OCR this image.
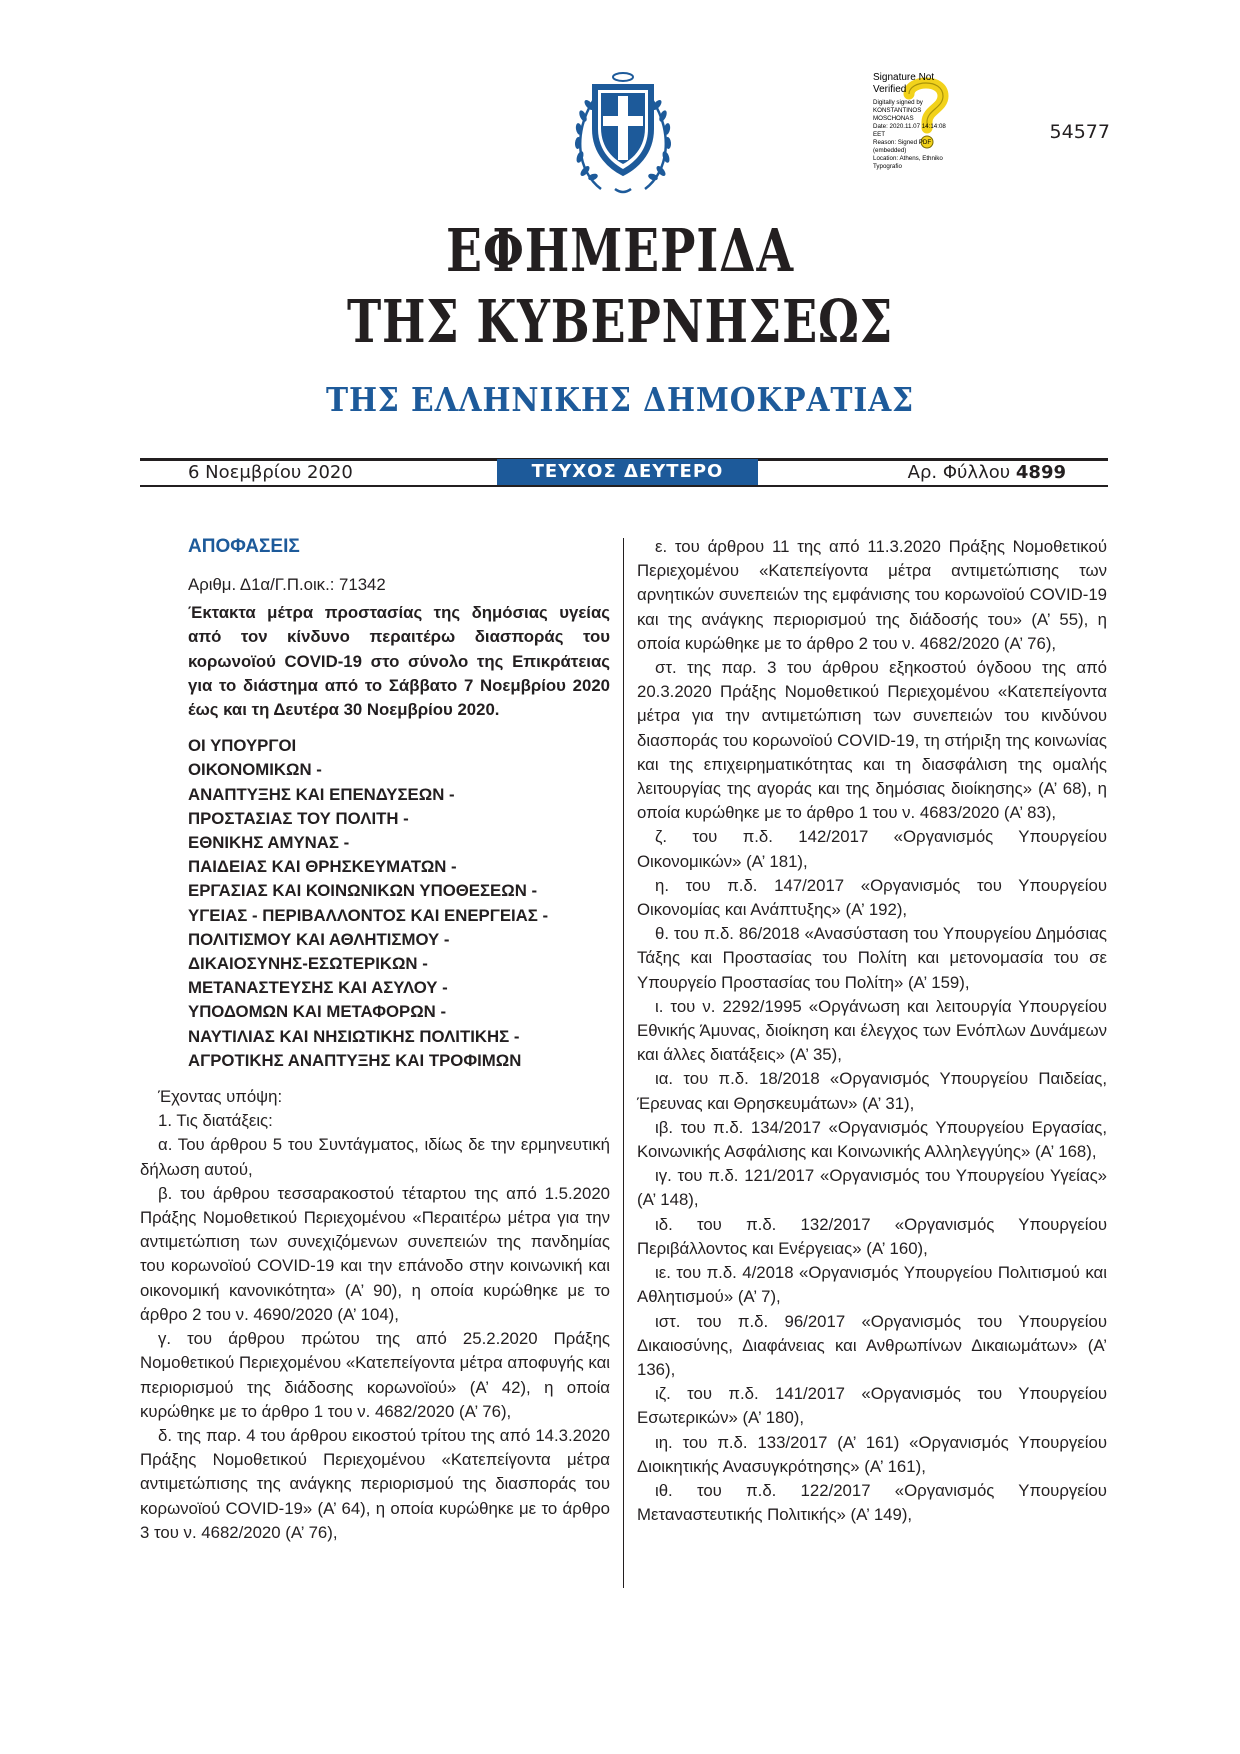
Signature Not Verified
Digitally signed by
KONSTANTINOS
MOSCHONAS
Date: 2020.11.07 14:14:08
EET
Reason: Signed PDF
(embedded)
Location: Athens, Ethniko
Typografio
54577
ΕΦΗΜΕΡΙΔΑ
ΤΗΣ ΚΥΒΕΡΝΗΣΕΩΣ
ΤΗΣ ΕΛΛΗΝΙΚΗΣ ΔΗΜΟΚΡΑΤΙΑΣ
6 Νοεμβρίου 2020	ΤΕΥΧΟΣ ΔΕΥΤΕΡΟ	Αρ. Φύλλου 4899
ΑΠΟΦΑΣΕΙΣ
Αριθμ. Δ1α/Γ.Π.οικ.: 71342
Έκτακτα μέτρα προστασίας της δημόσιας υγείας από τον κίνδυνο περαιτέρω διασποράς του κορωνοϊού COVID-19 στο σύνολο της Επικράτειας για το διάστημα από το Σάββατο 7 Νοεμβρίου 2020 έως και τη Δευτέρα 30 Νοεμβρίου 2020.
ΟΙ ΥΠΟΥΡΓΟΙ
ΟΙΚΟΝΟΜΙΚΩΝ -
ΑΝΑΠΤΥΞΗΣ ΚΑΙ ΕΠΕΝΔΥΣΕΩΝ -
ΠΡΟΣΤΑΣΙΑΣ ΤΟΥ ΠΟΛΙΤΗ -
ΕΘΝΙΚΗΣ ΑΜΥΝΑΣ -
ΠΑΙΔΕΙΑΣ ΚΑΙ ΘΡΗΣΚΕΥΜΑΤΩΝ -
ΕΡΓΑΣΙΑΣ ΚΑΙ ΚΟΙΝΩΝΙΚΩΝ ΥΠΟΘΕΣΕΩΝ -
ΥΓΕΙΑΣ - ΠΕΡΙΒΑΛΛΟΝΤΟΣ ΚΑΙ ΕΝΕΡΓΕΙΑΣ -
ΠΟΛΙΤΙΣΜΟΥ ΚΑΙ ΑΘΛΗΤΙΣΜΟΥ -
ΔΙΚΑΙΟΣΥΝΗΣ-ΕΣΩΤΕΡΙΚΩΝ -
ΜΕΤΑΝΑΣΤΕΥΣΗΣ ΚΑΙ ΑΣΥΛΟΥ -
ΥΠΟΔΟΜΩΝ ΚΑΙ ΜΕΤΑΦΟΡΩΝ -
ΝΑΥΤΙΛΙΑΣ ΚΑΙ ΝΗΣΙΩΤΙΚΗΣ ΠΟΛΙΤΙΚΗΣ -
ΑΓΡΟΤΙΚΗΣ ΑΝΑΠΤΥΞΗΣ ΚΑΙ ΤΡΟΦΙΜΩΝ

Έχοντας υπόψη:

1. Τις διατάξεις:

α. Του άρθρου 5 του Συντάγματος, ιδίως δε την ερμηνευτική δήλωση αυτού,

β. του άρθρου τεσσαρακοστού τέταρτου της από 1.5.2020 Πράξης Νομοθετικού Περιεχομένου «Περαιτέρω μέτρα για την αντιμετώπιση των συνεχιζόμενων συνεπειών της πανδημίας του κορωνοϊού COVID-19 και την επάνοδο στην κοινωνική και οικονομική κανονικότητα» (Α’ 90), η οποία κυρώθηκε με το άρθρο 2 του ν. 4690/2020 (Α’ 104),

γ. του άρθρου πρώτου της από 25.2.2020 Πράξης Νομοθετικού Περιεχομένου «Κατεπείγοντα μέτρα αποφυγής και περιορισμού της διάδοσης κορωνοϊού» (Α’ 42), η οποία κυρώθηκε με το άρθρο 1 του ν. 4682/2020 (Α’ 76),

δ. της παρ. 4 του άρθρου εικοστού τρίτου της από 14.3.2020 Πράξης Νομοθετικού Περιεχομένου «Κατεπείγοντα μέτρα αντιμετώπισης της ανάγκης περιορισμού της διασποράς του κορωνοϊού COVID-19» (Α’ 64), η οποία κυρώθηκε με το άρθρο 3 του ν. 4682/2020 (Α’ 76),

ε. του άρθρου 11 της από 11.3.2020 Πράξης Νομοθετικού Περιεχομένου «Κατεπείγοντα μέτρα αντιμετώπισης των αρνητικών συνεπειών της εμφάνισης του κορωνοϊού COVID-19 και της ανάγκης περιορισμού της διάδοσής του» (Α’ 55), η οποία κυρώθηκε με το άρθρο 2 του ν. 4682/2020 (Α’ 76),

στ. της παρ. 3 του άρθρου εξηκοστού όγδοου της από 20.3.2020 Πράξης Νομοθετικού Περιεχομένου «Κατεπείγοντα μέτρα για την αντιμετώπιση των συνεπειών του κινδύνου διασποράς του κορωνοϊού COVID-19, τη στήριξη της κοινωνίας και της επιχειρηματικότητας και τη διασφάλιση της ομαλής λειτουργίας της αγοράς και της δημόσιας διοίκησης» (Α’ 68), η οποία κυρώθηκε με το άρθρο 1 του ν. 4683/2020 (Α’ 83),

ζ. του π.δ. 142/2017 «Οργανισμός Υπουργείου Οικονομικών» (Α’ 181),

η. του π.δ. 147/2017 «Οργανισμός του Υπουργείου Οικονομίας και Ανάπτυξης» (Α’ 192),

θ. του π.δ. 86/2018 «Ανασύσταση του Υπουργείου Δημόσιας Τάξης και Προστασίας του Πολίτη και μετονομασία του σε Υπουργείο Προστασίας του Πολίτη» (Α’ 159),

ι. του ν. 2292/1995 «Οργάνωση και λειτουργία Υπουργείου Εθνικής Άμυνας, διοίκηση και έλεγχος των Ενόπλων Δυνάμεων και άλλες διατάξεις» (Α’ 35),

ια. του π.δ. 18/2018 «Οργανισμός Υπουργείου Παιδείας, Έρευνας και Θρησκευμάτων» (Α’ 31),

ιβ. του π.δ. 134/2017 «Οργανισμός Υπουργείου Εργασίας, Κοινωνικής Ασφάλισης και Κοινωνικής Αλληλεγγύης» (Α’ 168),

ιγ. του π.δ. 121/2017 «Οργανισμός του Υπουργείου Υγείας» (Α’ 148),

ιδ. του π.δ. 132/2017 «Οργανισμός Υπουργείου Περιβάλλοντος και Ενέργειας» (Α’ 160),

ιε. του π.δ. 4/2018 «Οργανισμός Υπουργείου Πολιτισμού και Αθλητισμού» (Α’ 7),

ιστ. του π.δ. 96/2017 «Οργανισμός του Υπουργείου Δικαιοσύνης, Διαφάνειας και Ανθρωπίνων Δικαιωμάτων» (Α’ 136),

ιζ. του π.δ. 141/2017 «Οργανισμός του Υπουργείου Εσωτερικών» (Α’ 180),

ιη. του π.δ. 133/2017 (Α’ 161) «Οργανισμός Υπουργείου Διοικητικής Ανασυγκρότησης» (Α’ 161),

ιθ. του π.δ. 122/2017 «Οργανισμός Υπουργείου Μεταναστευτικής Πολιτικής» (Α’ 149),
